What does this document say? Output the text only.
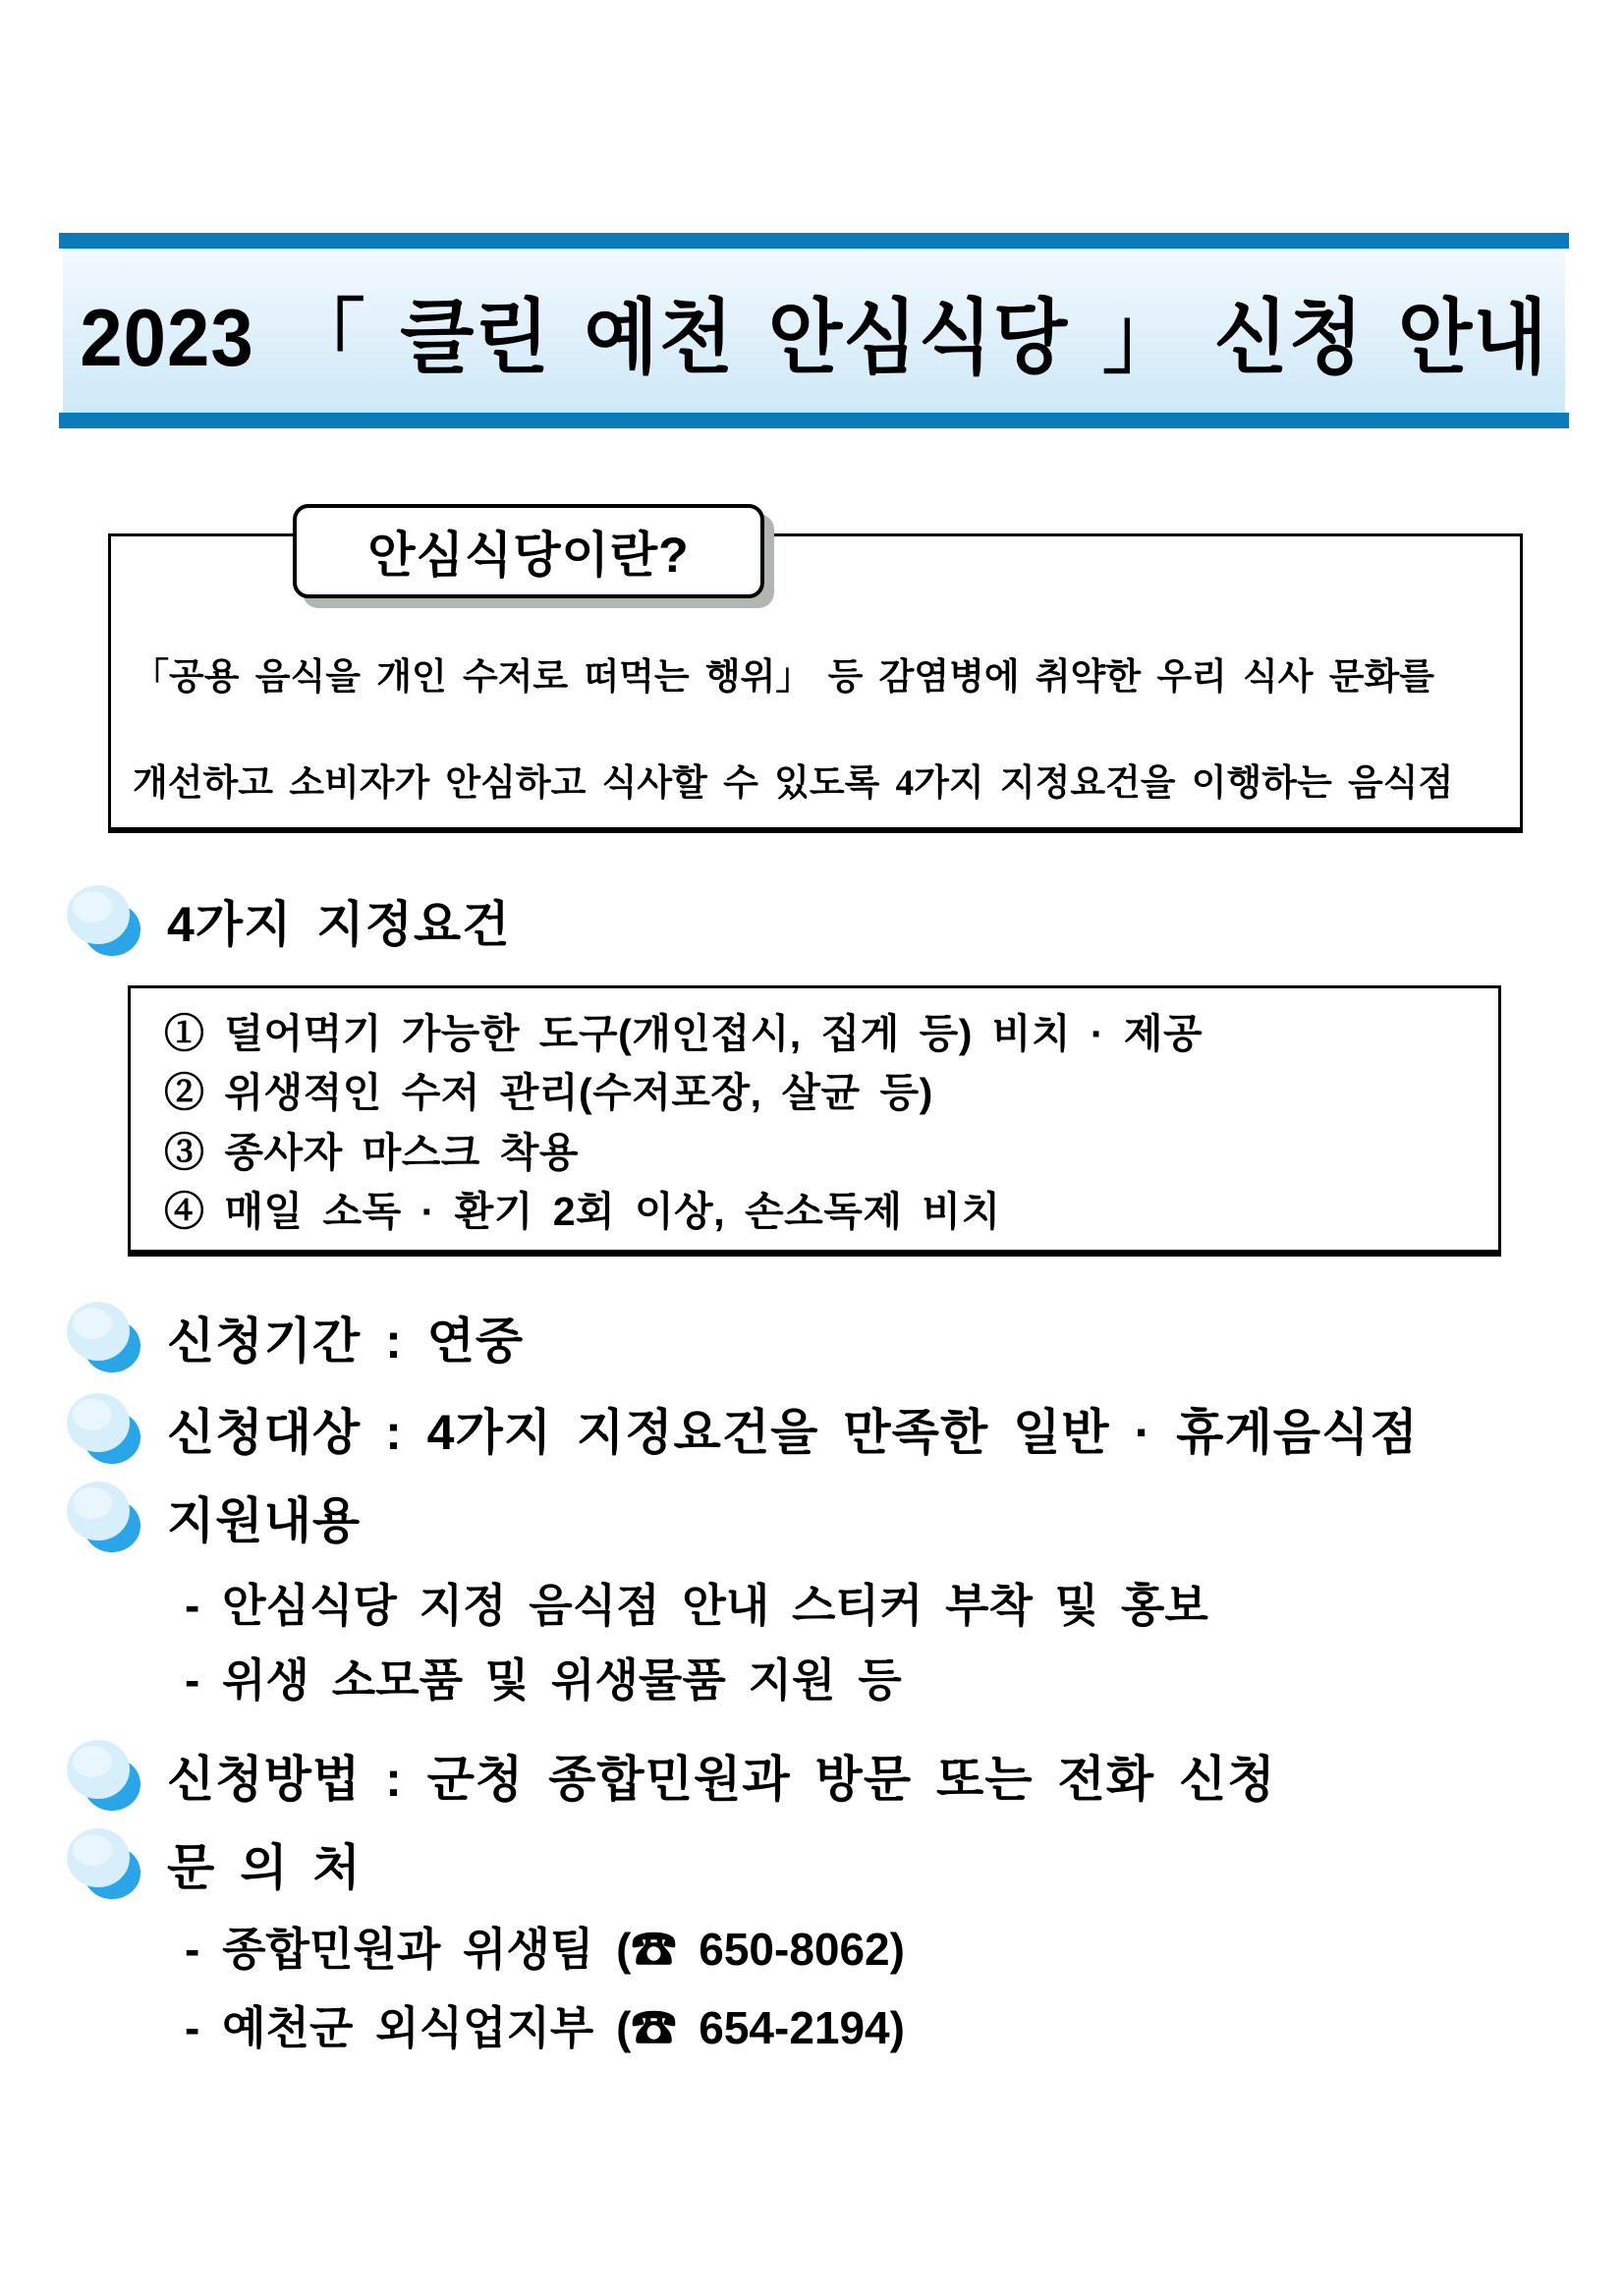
2023 「 클린 예천 안심식당 」 신청 안내
안심식당이란?
「공용 음식을 개인 수저로 떠먹는 행위」 등 감염병에 취약한 우리 식사 문화를
개선하고 소비자가 안심하고 식사할 수 있도록 4가지 지정요건을 이행하는 음식점
4가지 지정요건
① 덜어먹기 가능한 도구(개인접시, 집게 등) 비치 · 제공
② 위생적인 수저 관리(수저포장, 살균 등)
③ 종사자 마스크 착용
④ 매일 소독 · 환기 2회 이상, 손소독제 비치
신청기간 : 연중
신청대상 : 4가지 지정요건을 만족한 일반 · 휴게음식점
지원내용
- 안심식당 지정 음식점 안내 스티커 부착 및 홍보
- 위생 소모품 및 위생물품 지원 등
신청방법 : 군청 종합민원과 방문 또는 전화 신청
문 의 처
- 종합민원과 위생팀 (☎ 650-8062)
- 예천군 외식업지부 (☎ 654-2194)
